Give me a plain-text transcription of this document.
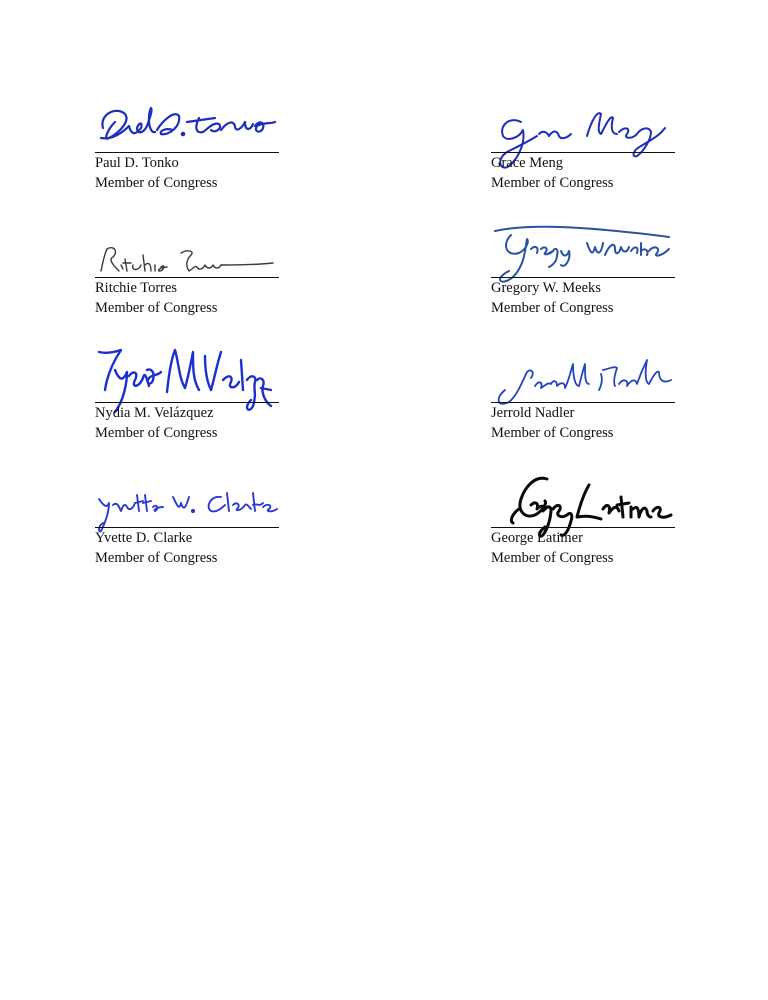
Paul D. Tonko
Member of Congress
Grace Meng
Member of Congress
Ritchie Torres
Member of Congress
Gregory W. Meeks
Member of Congress
Nydia M. Velázquez
Member of Congress
Jerrold Nadler
Member of Congress
Yvette D. Clarke
Member of Congress
George Latimer
Member of Congress
